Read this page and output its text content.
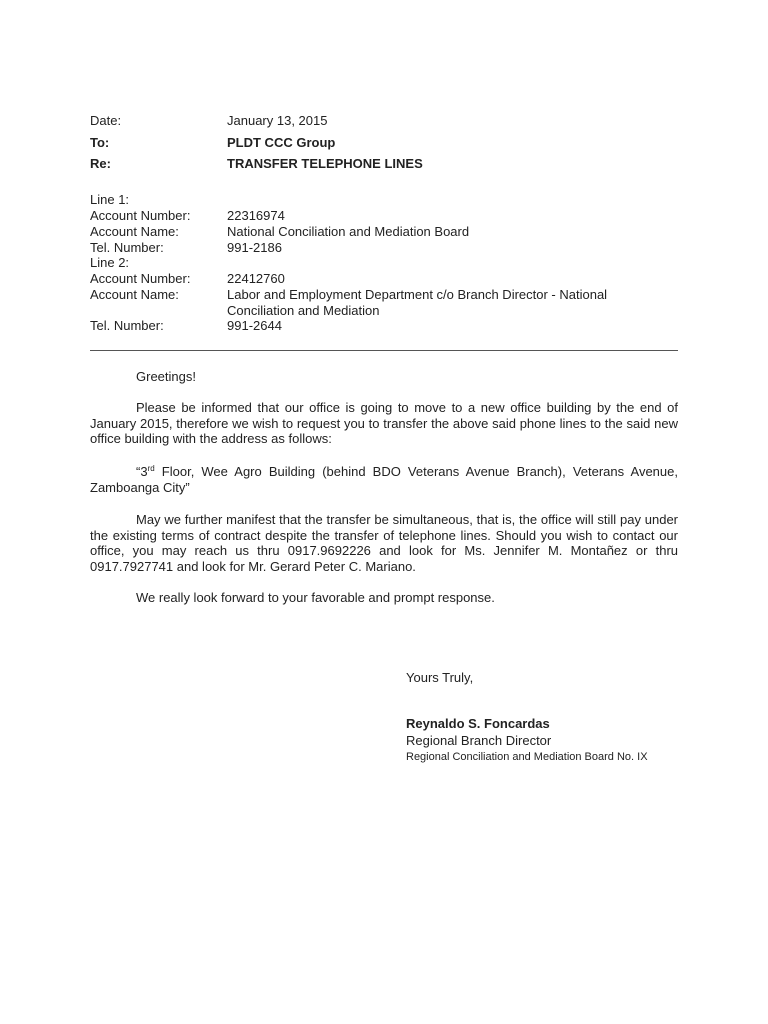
Date:	January 13, 2015
To:	PLDT CCC Group
Re:	TRANSFER TELEPHONE LINES
Line 1:
Account Number:	22316974
Account Name:	National Conciliation and Mediation Board
Tel. Number:	991-2186
Line 2:
Account Number:	22412760
Account Name:	Labor and Employment Department c/o Branch Director - National
Conciliation and Mediation
Tel. Number:	991-2644
Greetings!
Please be informed that our office is going to move to a new office building by the end of January 2015, therefore we wish to request you to transfer the above said phone lines to the said new office building with the address as follows:
“3rd Floor, Wee Agro Building (behind BDO Veterans Avenue Branch), Veterans Avenue, Zamboanga City”
May we further manifest that the transfer be simultaneous, that is, the office will still pay under the existing terms of contract despite the transfer of telephone lines. Should you wish to contact our office, you may reach us thru 0917.9692226 and look for Ms. Jennifer M. Montañez or thru 0917.7927741 and look for Mr. Gerard Peter C. Mariano.
We really look forward to your favorable and prompt response.
Yours Truly,
Reynaldo S. Foncardas
Regional Branch Director
Regional Conciliation and Mediation Board No. IX
